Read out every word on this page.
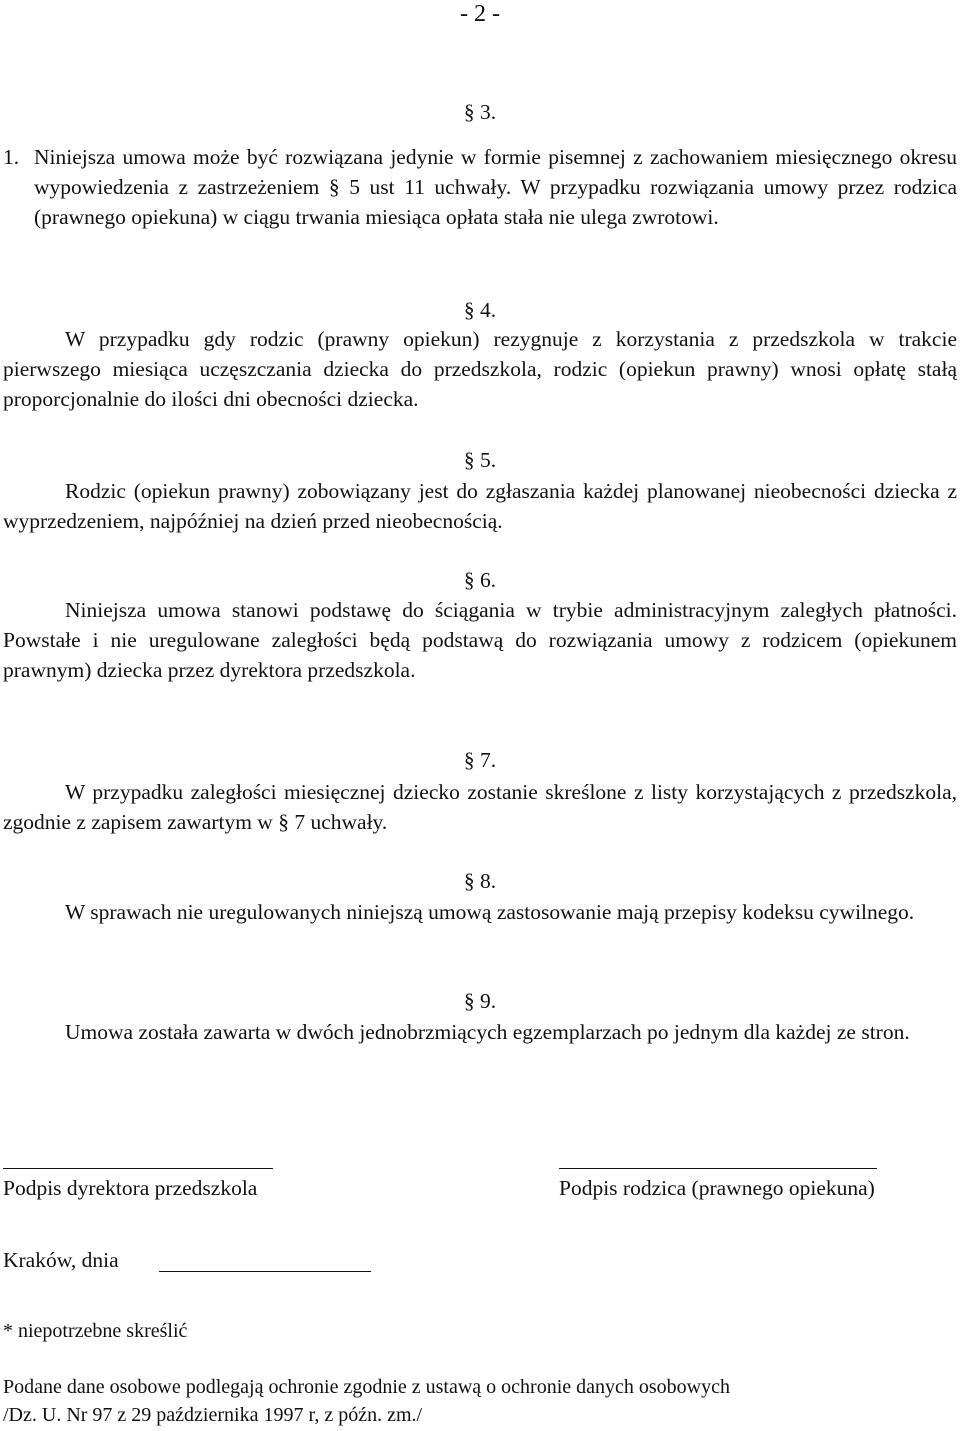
- 2 -
§ 3.
1. Niniejsza umowa może być rozwiązana jedynie w formie pisemnej z zachowaniem miesięcznego okresu wypowiedzenia z zastrzeżeniem § 5 ust 11 uchwały. W przypadku rozwiązania umowy przez rodzica (prawnego opiekuna) w ciągu trwania miesiąca opłata stała nie ulega zwrotowi.

§ 4.

W przypadku gdy rodzic (prawny opiekun) rezygnuje z korzystania z przedszkola w trakcie pierwszego miesiąca uczęszczania dziecka do przedszkola, rodzic (opiekun prawny) wnosi opłatę stałą proporcjonalnie do ilości dni obecności dziecka.

§ 5.

Rodzic (opiekun prawny) zobowiązany jest do zgłaszania każdej planowanej nieobecności dziecka z wyprzedzeniem, najpóźniej na dzień przed nieobecnością.

§ 6.

Niniejsza umowa stanowi podstawę do ściągania w trybie administracyjnym zaległych płatności. Powstałe i nie uregulowane zaległości będą podstawą do rozwiązania umowy z rodzicem (opiekunem prawnym) dziecka przez dyrektora przedszkola.

§ 7.

W przypadku zaległości miesięcznej dziecko zostanie skreślone z listy korzystających z przedszkola, zgodnie z zapisem zawartym w § 7 uchwały.

§ 8.

W sprawach nie uregulowanych niniejszą umową zastosowanie mają przepisy kodeksu cywilnego.

§ 9.

Umowa została zawarta w dwóch jednobrzmiących egzemplarzach po jednym dla każdej ze stron.

Podpis dyrektora przedszkola	Podpis rodzica (prawnego opiekuna)
Kraków, dnia
* niepotrzebne skreślić
Podane dane osobowe podlegają ochronie zgodnie z ustawą o ochronie danych osobowych
/Dz. U. Nr 97 z 29 października 1997 r, z późn. zm./
